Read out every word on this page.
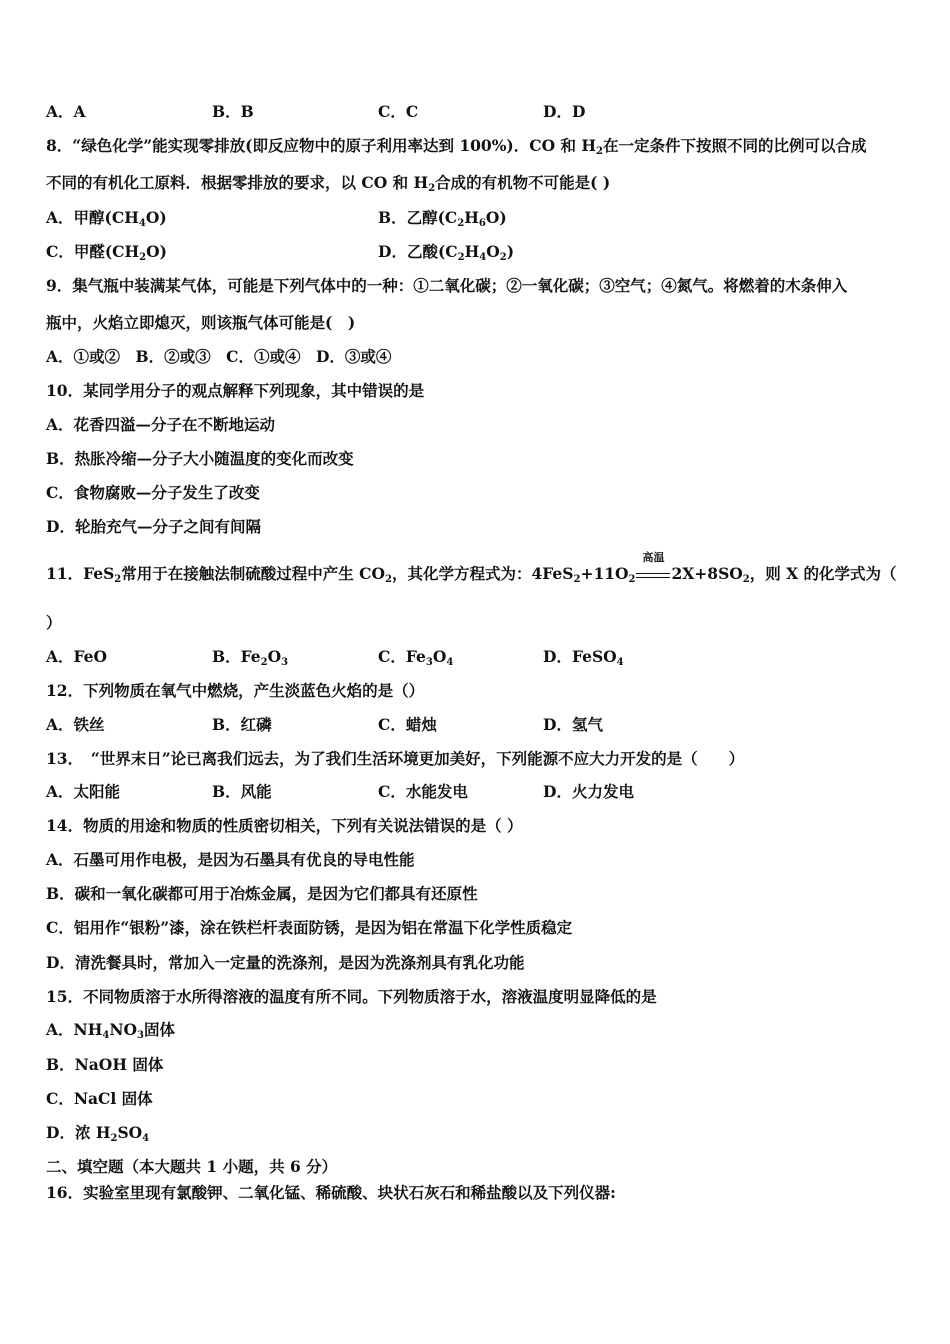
A．A	B．B	C．C	D．D
8．“绿色化学”能实现零排放(即反应物中的原子利用率达到 100%)．CO 和 $H_2$在一定条件下按照不同的比例可以合成
不同的有机化工原料．根据零排放的要求，以 CO 和 $H_2$合成的有机物不可能是( )
A．甲醇$(CH_4O)$	B．乙醇$(C_2H_6O)$
C．甲醛$(CH_2O)$	D．乙酸$(C_2H_4O_2)$
9．集气瓶中装满某气体，可能是下列气体中的一种：①二氧化碳；②一氧化碳；③空气；④氮气。将燃着的木条伸入
瓶中，火焰立即熄灭，则该瓶气体可能是(　)
A．①或②　B．②或③　C．①或④　D．③或④
10．某同学用分子的观点解释下列现象，其中错误的是
A．花香四溢—分子在不断地运动
B．热胀冷缩—分子大小随温度的变化而改变
C．食物腐败—分子发生了改变
D．轮胎充气—分子之间有间隔
11．FeS$_2$常用于在接触法制硫酸过程中产生 $CO_2$，其化学方程式为：$4FeS_2+11O_2$
高温
$2X+8SO_2$，则 X 的化学式为（
）
A．FeO	B．$Fe_2O_3$	C．$Fe_3O_4$	D．FeSO$_4$
12．下列物质在氧气中燃烧，产生淡蓝色火焰的是（）
A．铁丝	B．红磷	C．蜡烛	D．氢气
13．　“世界末日”论已离我们远去，为了我们生活环境更加美好，下列能源不应大力开发的是（　　）
A．太阳能	B．风能	C．水能发电	D．火力发电
14．物质的用途和物质的性质密切相关，下列有关说法错误的是（ ）
A．石墨可用作电极，是因为石墨具有优良的导电性能
B．碳和一氧化碳都可用于冶炼金属，是因为它们都具有还原性
C．铝用作“银粉”漆，涂在铁栏杆表面防锈，是因为铝在常温下化学性质稳定
D．清洗餐具时，常加入一定量的洗涤剂，是因为洗涤剂具有乳化功能
15．不同物质溶于水所得溶液的温度有所不同。下列物质溶于水，溶液温度明显降低的是
A．$NH_4NO_3$固体
B．NaOH 固体
C．NaCl 固体
D．浓 $H_2SO_4$
二、填空题（本大题共 1 小题，共 6 分）
16．实验室里现有氯酸钾、二氧化锰、稀硫酸、块状石灰石和稀盐酸以及下列仪器:
